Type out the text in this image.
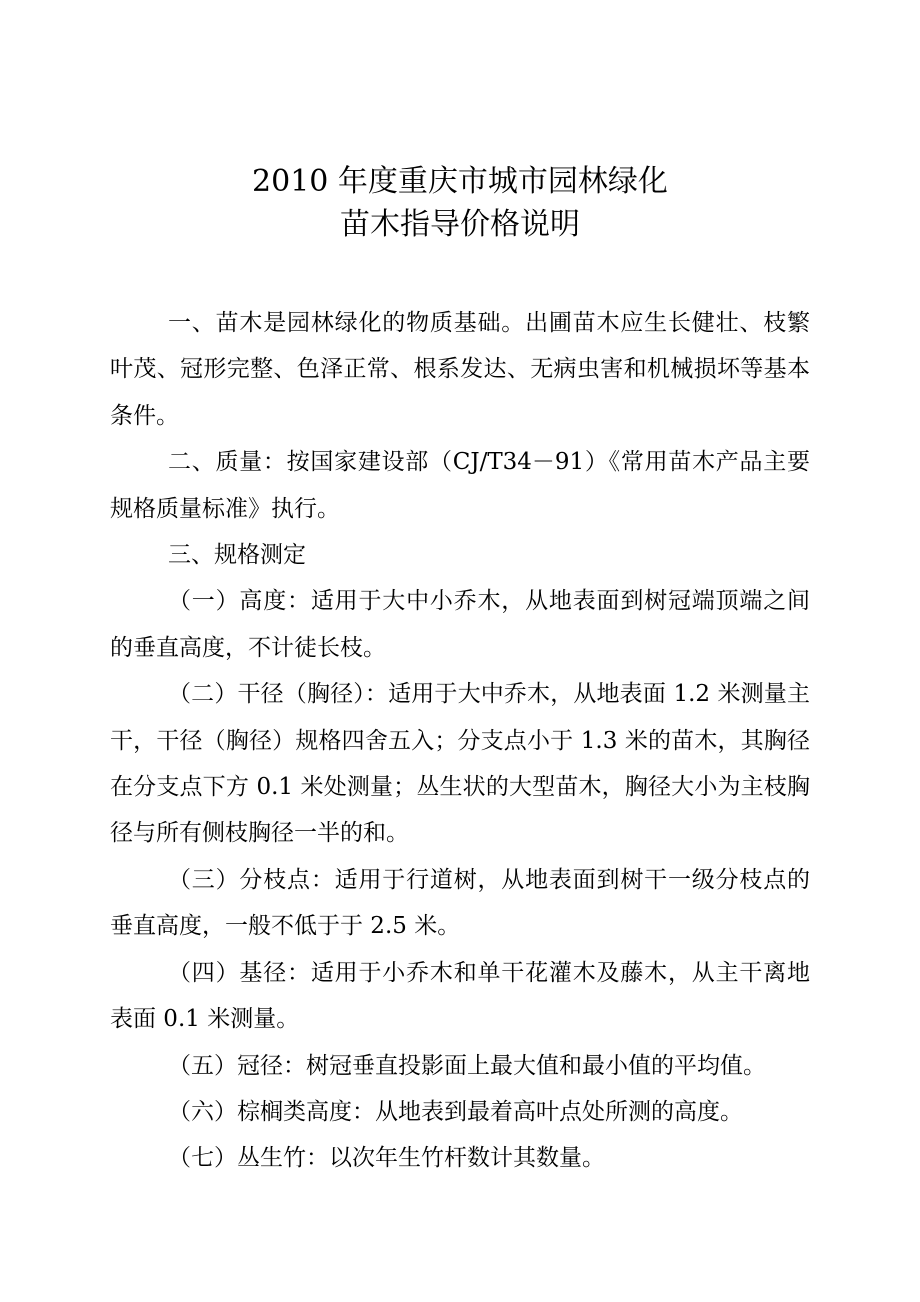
2010 年度重庆市城市园林绿化
苗木指导价格说明

一、苗木是园林绿化的物质基础。出圃苗木应生长健壮、枝繁叶茂、冠形完整、色泽正常、根系发达、无病虫害和机械损坏等基本条件。

二、质量：按国家建设部（CJ/T34－91）《常用苗木产品主要规格质量标准》执行。

三、规格测定

（一）高度：适用于大中小乔木，从地表面到树冠端顶端之间的垂直高度，不计徒长枝。

（二）干径（胸径）：适用于大中乔木，从地表面 1.2 米测量主干，干径（胸径）规格四舍五入；分支点小于 1.3 米的苗木，其胸径在分支点下方 0.1 米处测量；丛生状的大型苗木，胸径大小为主枝胸径与所有侧枝胸径一半的和。

（三）分枝点：适用于行道树，从地表面到树干一级分枝点的垂直高度，一般不低于于 2.5 米。

（四）基径：适用于小乔木和单干花灌木及藤木，从主干离地表面 0.1 米测量。

（五）冠径：树冠垂直投影面上最大值和最小值的平均值。

（六）棕榈类高度：从地表到最着高叶点处所测的高度。

（七）丛生竹：以次年生竹杆数计其数量。
